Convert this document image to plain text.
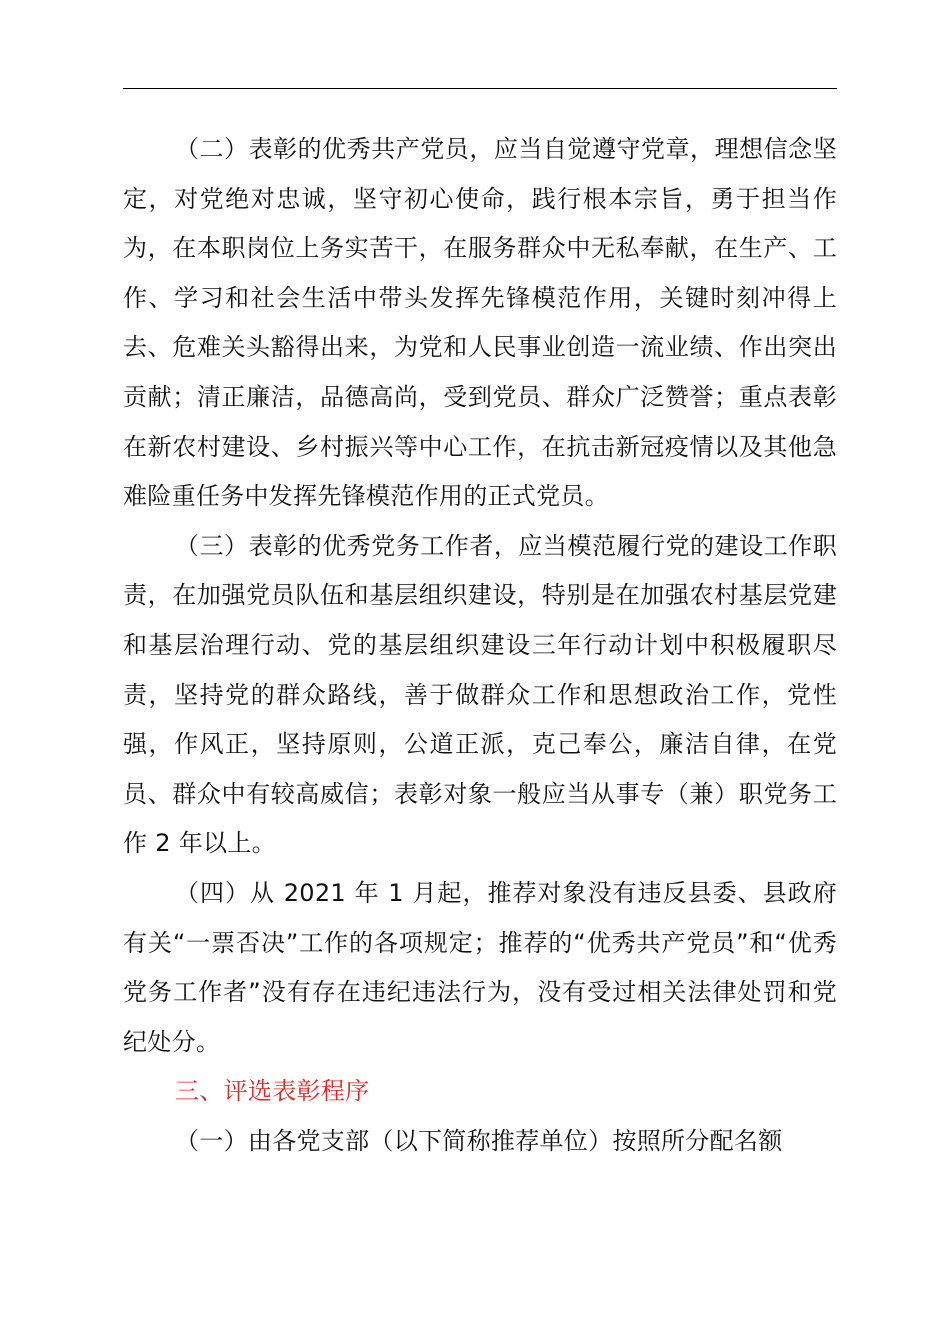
（二）表彰的优秀共产党员，应当自觉遵守党章，理想信念坚定，对党绝对忠诚，坚守初心使命，践行根本宗旨，勇于担当作为，在本职岗位上务实苦干，在服务群众中无私奉献，在生产、工作、学习和社会生活中带头发挥先锋模范作用，关键时刻冲得上去、危难关头豁得出来，为党和人民事业创造一流业绩、作出突出贡献；清正廉洁，品德高尚，受到党员、群众广泛赞誉；重点表彰在新农村建设、乡村振兴等中心工作，在抗击新冠疫情以及其他急难险重任务中发挥先锋模范作用的正式党员。

（三）表彰的优秀党务工作者，应当模范履行党的建设工作职责，在加强党员队伍和基层组织建设，特别是在加强农村基层党建和基层治理行动、党的基层组织建设三年行动计划中积极履职尽责，坚持党的群众路线，善于做群众工作和思想政治工作，党性强，作风正，坚持原则，公道正派，克己奉公，廉洁自律，在党员、群众中有较高威信；表彰对象一般应当从事专（兼）职党务工作 2 年以上。

（四）从 2021 年 1 月起，推荐对象没有违反县委、县政府有关“一票否决”工作的各项规定；推荐的“优秀共产党员”和“优秀党务工作者”没有存在违纪违法行为，没有受过相关法律处罚和党纪处分。

三、评选表彰程序

（一）由各党支部（以下简称推荐单位）按照所分配名额
